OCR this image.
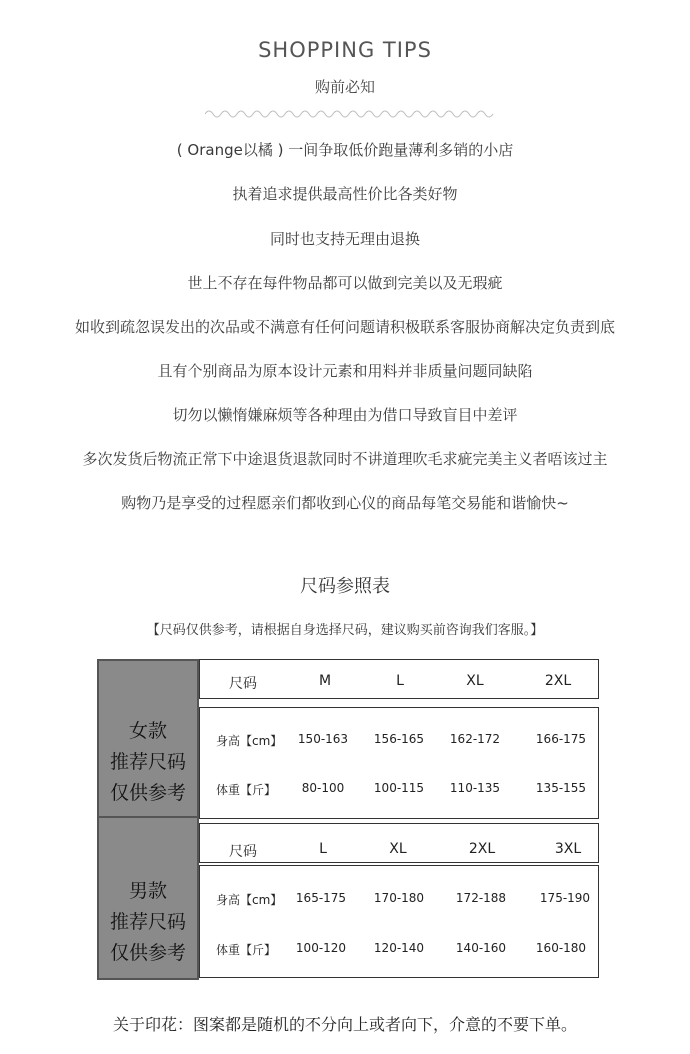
SHOPPING TIPS
购前必知
( Orange以橘 ) 一间争取低价跑量薄利多销的小店
执着追求提供最高性价比各类好物
同时也支持无理由退换
世上不存在每件物品都可以做到完美以及无瑕疵
如收到疏忽误发出的次品或不满意有任何问题请积极联系客服协商解决定负责到底
且有个别商品为原本设计元素和用料并非质量问题同缺陷
切勿以懒惰嫌麻烦等各种理由为借口导致盲目中差评
多次发货后物流正常下中途退货退款同时不讲道理吹毛求疵完美主义者唔该过主
购物乃是享受的过程愿亲们都收到心仪的商品每笔交易能和谐愉快~
尺码参照表
【尺码仅供参考，请根据自身选择尺码，建议购买前咨询我们客服。】
女款
推荐尺码
仅供参考
男款
推荐尺码
仅供参考
尺码	M	L	XL	2XL
身高【cm】	150-163	156-165	162-172	166-175
体重【斤】	80-100	100-115	110-135	135-155
尺码	L	XL	2XL	3XL
身高【cm】	165-175	170-180	172-188	175-190
体重【斤】	100-120	120-140	140-160	160-180
关于印花：图案都是随机的不分向上或者向下，介意的不要下单。
